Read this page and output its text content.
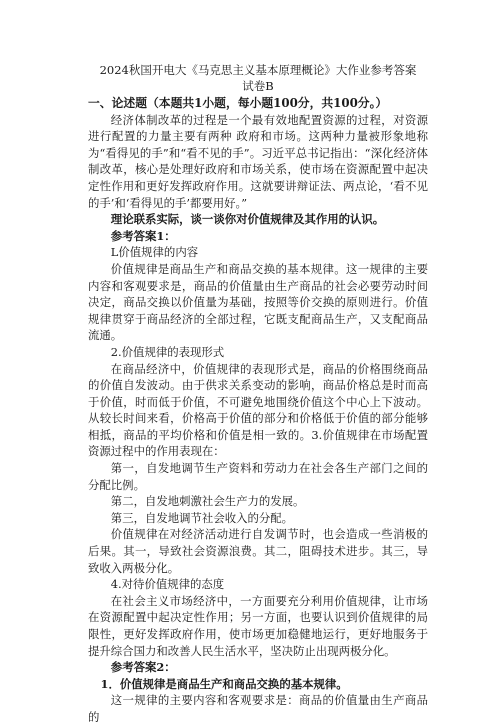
2024秋国开电大《马克思主义基本原理概论》大作业参考答案

试卷B

一、论述题（本题共1小题，每小题100分，共100分。）

经济体制改革的过程是一个最有效地配置资源的过程，对资源进行配置的力量主要有两种 政府和市场。这两种力量被形象地称为“看得见的手”和“看不见的手”。习近平总书记指出：“深化经济体制改革，核心是处理好政府和市场关系，使市场在资源配置中起决定性作用和更好发挥政府作用。这就要讲辩证法、两点论，‘看不见的手’和‘看得见的手’都要用好。”

理论联系实际，谈一谈你对价值规律及其作用的认识。

参考答案1：

L价值规律的内容

价值规律是商品生产和商品交换的基本规律。这一规律的主要内容和客观要求是，商品的价值量由生产商品的社会必要劳动时间决定，商品交换以价值量为基础，按照等价交换的原则进行。价值规律贯穿于商品经济的全部过程，它既支配商品生产，又支配商品流通。

2.价值规律的表现形式

在商品经济中，价值规律的表现形式是，商品的价格围绕商品的价值自发波动。由于供求关系变动的影响，商品价格总是时而高于价值，时而低于价值，不可避免地围绕价值这个中心上下波动。从较长时间来看，价格高于价值的部分和价格低于价值的部分能够相抵，商品的平均价格和价值是相一致的。3.价值规律在市场配置资源过程中的作用表现在：

第一，自发地调节生产资料和劳动力在社会各生产部门之间的分配比例。

第二，自发地刺激社会生产力的发展。

第三，自发地调节社会收入的分配。

价值规律在对经济活动进行自发调节时，也会造成一些消极的后果。其一，导致社会资源浪费。其二，阻碍技术进步。其三，导致收入两极分化。

4.对待价值规律的态度

在社会主义市场经济中，一方面要充分利用价值规律，让市场在资源配置中起决定性作用；另一方面，也要认识到价值规律的局限性，更好发挥政府作用，使市场更加稳健地运行，更好地服务于提升综合国力和改善人民生活水平，坚决防止出现两极分化。

参考答案2：

1．价值规律是商品生产和商品交换的基本规律。

这一规律的主要内容和客观要求是：商品的价值量由生产商品的
